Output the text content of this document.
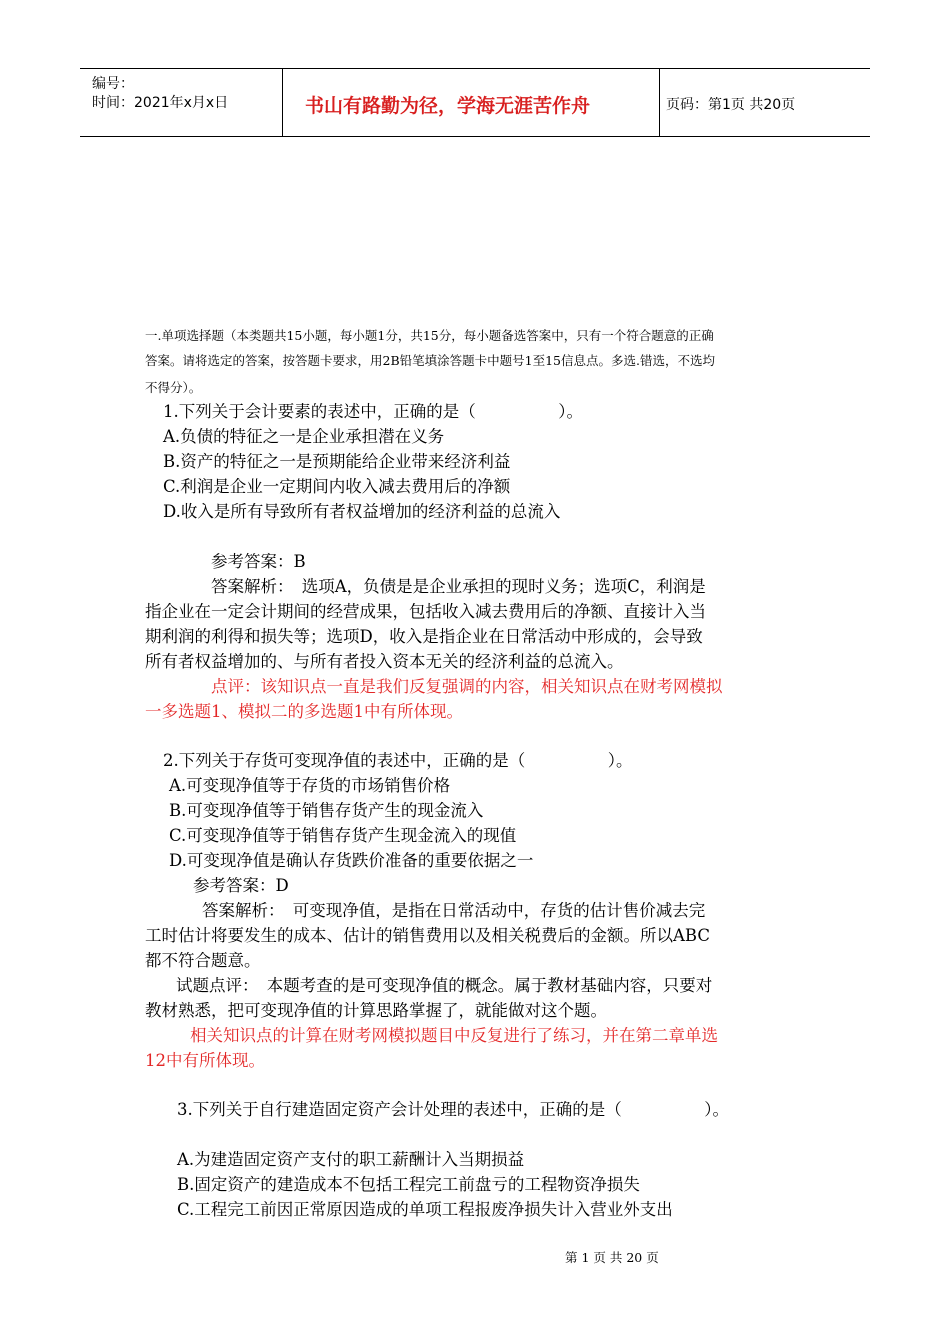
编号：
时间：2021年x月x日	书山有路勤为径，学海无涯苦作舟	页码：第1页 共20页
一.单项选择题（本类题共15小题，每小题1分，共15分，每小题备选答案中，只有一个符合题意的正确
答案。请将选定的答案，按答题卡要求，用2B铅笔填涂答题卡中题号1至15信息点。多选.错选，不选均
不得分）。
1.下列关于会计要素的表述中，正确的是（　　　　　）。
A.负债的特征之一是企业承担潜在义务
B.资产的特征之一是预期能给企业带来经济利益
C.利润是企业一定期间内收入减去费用后的净额
D.收入是所有导致所有者权益增加的经济利益的总流入
参考答案：B
答案解析：　选项A，负债是是企业承担的现时义务；选项C，利润是
指企业在一定会计期间的经营成果，包括收入减去费用后的净额、直接计入当
期利润的利得和损失等；选项D，收入是指企业在日常活动中形成的，会导致
所有者权益增加的、与所有者投入资本无关的经济利益的总流入。
点评：该知识点一直是我们反复强调的内容，相关知识点在财考网模拟
一多选题1、模拟二的多选题1中有所体现。
2.下列关于存货可变现净值的表述中，正确的是（　　　　　）。
A.可变现净值等于存货的市场销售价格
B.可变现净值等于销售存货产生的现金流入
C.可变现净值等于销售存货产生现金流入的现值
D.可变现净值是确认存货跌价准备的重要依据之一
参考答案：D
答案解析：　可变现净值，是指在日常活动中，存货的估计售价减去完
工时估计将要发生的成本、估计的销售费用以及相关税费后的金额。所以ABC
都不符合题意。
试题点评：　本题考查的是可变现净值的概念。属于教材基础内容，只要对
教材熟悉，把可变现净值的计算思路掌握了，就能做对这个题。
相关知识点的计算在财考网模拟题目中反复进行了练习，并在第二章单选
12中有所体现。
3.下列关于自行建造固定资产会计处理的表述中，正确的是（　　　　　）。
A.为建造固定资产支付的职工薪酬计入当期损益
B.固定资产的建造成本不包括工程完工前盘亏的工程物资净损失
C.工程完工前因正常原因造成的单项工程报废净损失计入营业外支出
第 1 页 共 20 页
